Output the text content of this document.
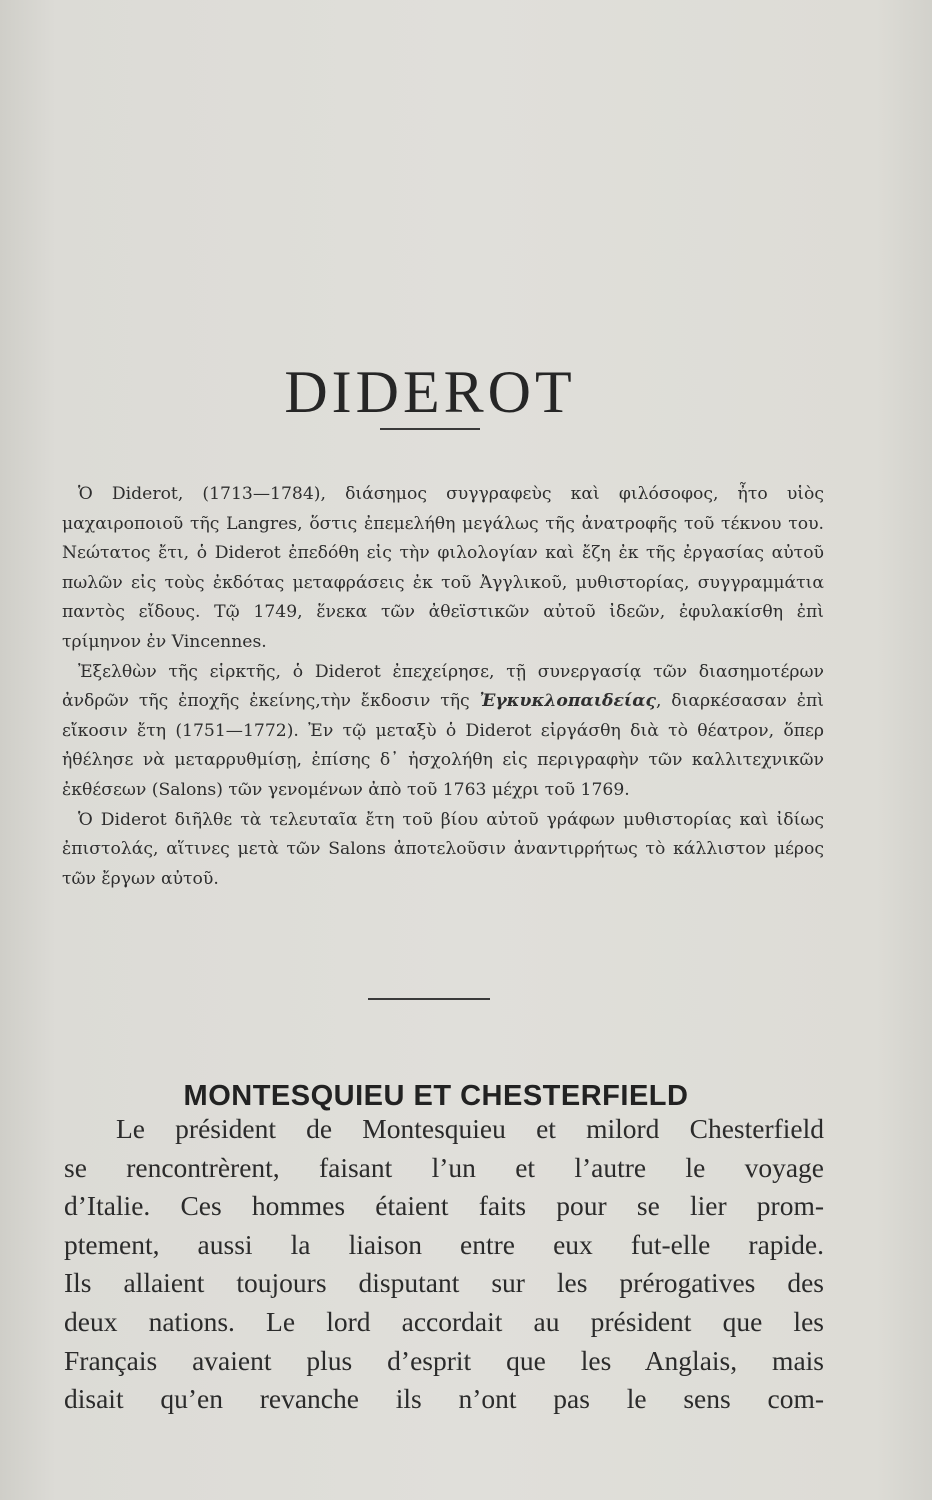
DIDEROT

Ὁ Diderot, (1713—1784), διάσημος συγγραφεὺς καὶ φιλόσοφος, ἦτο υἱὸς μαχαιροποιοῦ τῆς Langres, ὅστις ἐπεμελήθη μεγάλως τῆς ἀνατροφῆς τοῦ τέκνου του. Νεώτατος ἔτι, ὁ Diderot ἐπεδόθη εἰς τὴν φιλολογίαν καὶ ἔζη ἐκ τῆς ἐργασίας αὐτοῦ πωλῶν εἰς τοὺς ἐκδότας μεταφράσεις ἐκ τοῦ Ἀγγλικοῦ, μυθιστορίας, συγγραμμάτια παντὸς εἴδους. Τῷ 1749, ἕνεκα τῶν ἀθεϊστικῶν αὐτοῦ ἰδεῶν, ἐφυλακίσθη ἐπὶ τρίμηνον ἐν Vincennes.

Ἐξελθὼν τῆς εἱρκτῆς, ὁ Diderot ἐπεχείρησε, τῇ συνεργασίᾳ τῶν διασημοτέρων ἀνδρῶν τῆς ἐποχῆς ἐκείνης,τὴν ἔκδοσιν τῆς Ἐγκυκλοπαιδείας, διαρκέσασαν ἐπὶ εἴκοσιν ἔτη (1751—1772). Ἐν τῷ μεταξὺ ὁ Diderot εἰργάσθη διὰ τὸ θέατρον, ὅπερ ἠθέλησε νὰ μεταρρυθμίσῃ, ἐπίσης δ᾽ ἠσχολήθη εἰς περιγραφὴν τῶν καλλιτεχνικῶν ἐκθέσεων (Salons) τῶν γενομένων ἀπὸ τοῦ 1763 μέχρι τοῦ 1769.

Ὁ Diderot διῆλθε τὰ τελευταῖα ἔτη τοῦ βίου αὐτοῦ γράφων μυθιστορίας καὶ ἰδίως ἐπιστολάς, αἵτινες μετὰ τῶν Salons ἀποτελοῦσιν ἀναντιρρήτως τὸ κάλλιστον μέρος τῶν ἔργων αὐτοῦ.

MONTESQUIEU ET CHESTERFIELD
Le président de Montesquieu et milord Chesterfield
se rencontrèrent, faisant l’un et l’autre le voyage
d’Italie. Ces hommes étaient faits pour se lier prom-
ptement, aussi la liaison entre eux fut-elle rapide.
Ils allaient toujours disputant sur les prérogatives des
deux nations. Le lord accordait au président que les
Français avaient plus d’esprit que les Anglais, mais
disait qu’en revanche ils n’ont pas le sens com-
